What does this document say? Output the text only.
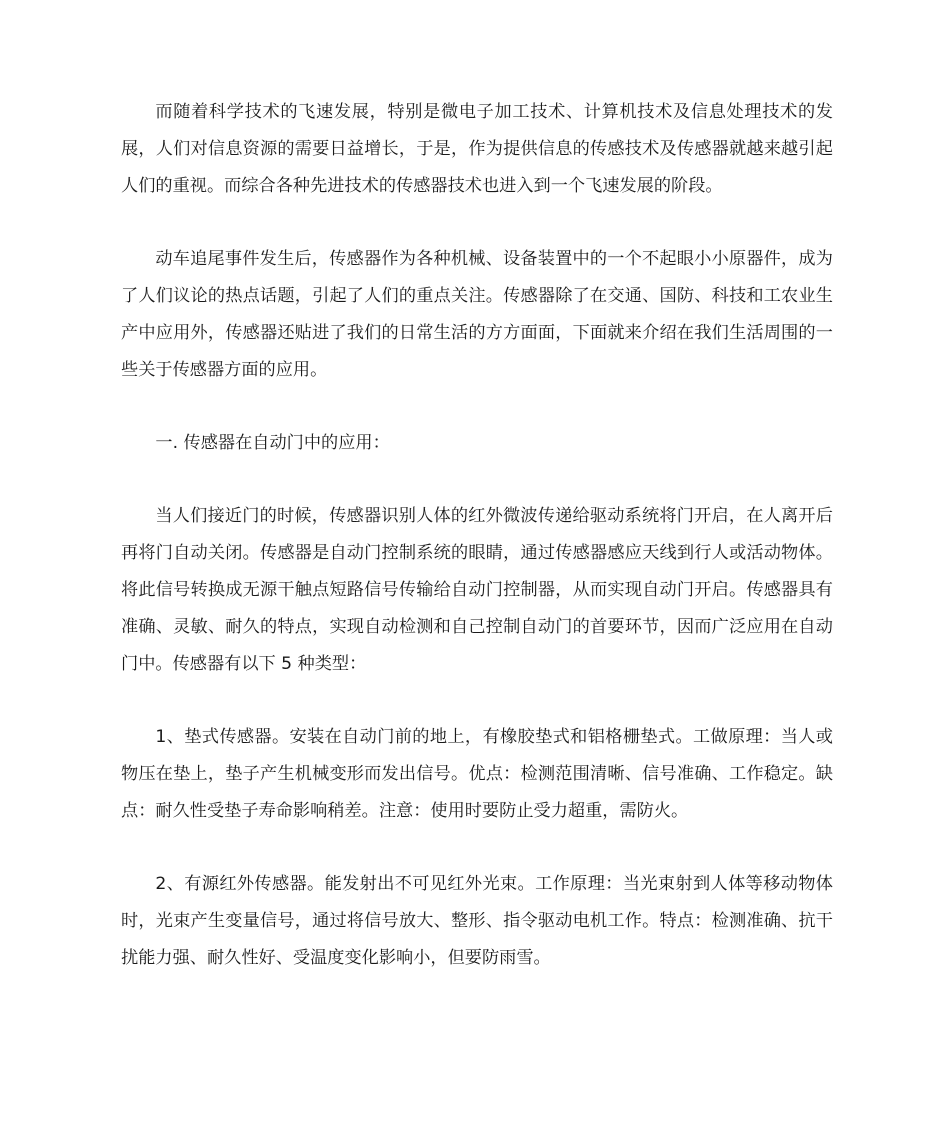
而随着科学技术的飞速发展，特别是微电子加工技术、计算机技术及信息处理技术的发展，人们对信息资源的需要日益增长，于是，作为提供信息的传感技术及传感器就越来越引起人们的重视。而综合各种先进技术的传感器技术也进入到一个飞速发展的阶段。

动车追尾事件发生后，传感器作为各种机械、设备装置中的一个不起眼小小原器件，成为了人们议论的热点话题，引起了人们的重点关注。传感器除了在交通、国防、科技和工农业生产中应用外，传感器还贴进了我们的日常生活的方方面面，下面就来介绍在我们生活周围的一些关于传感器方面的应用。

一. 传感器在自动门中的应用：

当人们接近门的时候，传感器识别人体的红外微波传递给驱动系统将门开启，在人离开后再将门自动关闭。传感器是自动门控制系统的眼睛，通过传感器感应天线到行人或活动物体。将此信号转换成无源干触点短路信号传输给自动门控制器，从而实现自动门开启。传感器具有准确、灵敏、耐久的特点，实现自动检测和自己控制自动门的首要环节，因而广泛应用在自动门中。传感器有以下 5 种类型：

1、垫式传感器。安装在自动门前的地上，有橡胶垫式和铝格栅垫式。工做原理：当人或物压在垫上，垫子产生机械变形而发出信号。优点：检测范围清晰、信号准确、工作稳定。缺点：耐久性受垫子寿命影响稍差。注意：使用时要防止受力超重，需防火。

2、有源红外传感器。能发射出不可见红外光束。工作原理：当光束射到人体等移动物体时，光束产生变量信号，通过将信号放大、整形、指令驱动电机工作。特点：检测准确、抗干扰能力强、耐久性好、受温度变化影响小，但要防雨雪。
